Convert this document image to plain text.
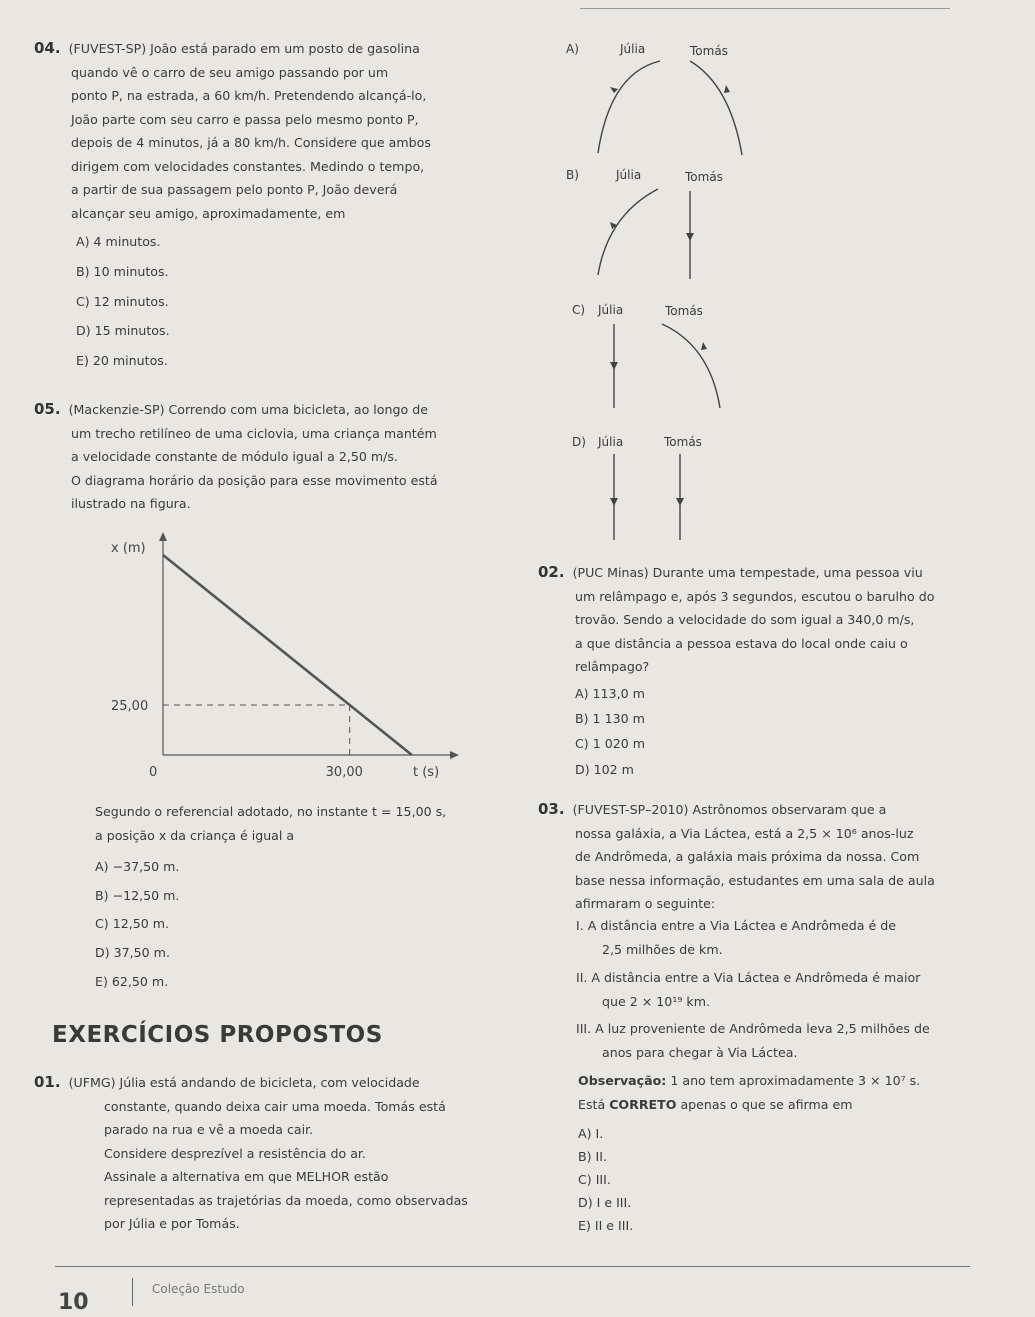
04. (FUVEST-SP) João está parado em um posto de gasolina
quando vê o carro de seu amigo passando por um
ponto P, na estrada, a 60 km/h. Pretendendo alcançá-lo,
João parte com seu carro e passa pelo mesmo ponto P,
depois de 4 minutos, já a 80 km/h. Considere que ambos
dirigem com velocidades constantes. Medindo o tempo,
a partir de sua passagem pelo ponto P, João deverá
alcançar seu amigo, aproximadamente, em
A) 4 minutos.
B) 10 minutos.
C) 12 minutos.
D) 15 minutos.
E) 20 minutos.
05. (Mackenzie-SP) Correndo com uma bicicleta, ao longo de
um trecho retilíneo de uma ciclovia, uma criança mantém
a velocidade constante de módulo igual a 2,50 m/s.
O diagrama horário da posição para esse movimento está
ilustrado na figura.
x (m)
t (s)
0	30,00
25,00
Segundo o referencial adotado, no instante t = 15,00 s,
a posição x da criança é igual a
A) −37,50 m.
B) −12,50 m.
C) 12,50 m.
D) 37,50 m.
E) 62,50 m.
EXERCÍCIOS PROPOSTOS
01. (UFMG) Júlia está andando de bicicleta, com velocidade
constante, quando deixa cair uma moeda. Tomás está
parado na rua e vê a moeda cair.
Considere desprezível a resistência do ar.
Assinale a alternativa em que MELHOR estão
representadas as trajetórias da moeda, como observadas
por Júlia e por Tomás.
A)	Júlia	Tomás
B)	Júlia	Tomás
C) Júlia	Tomás
D) Júlia	Tomás
02. (PUC Minas) Durante uma tempestade, uma pessoa viu
um relâmpago e, após 3 segundos, escutou o barulho do
trovão. Sendo a velocidade do som igual a 340,0 m/s,
a que distância a pessoa estava do local onde caiu o
relâmpago?
A) 113,0 m
B) 1 130 m
C) 1 020 m
D) 102 m
03. (FUVEST-SP–2010) Astrônomos observaram que a
nossa galáxia, a Via Láctea, está a 2,5 × 10⁶ anos-luz
de Andrômeda, a galáxia mais próxima da nossa. Com
base nessa informação, estudantes em uma sala de aula
afirmaram o seguinte:
I. A distância entre a Via Láctea e Andrômeda é de
2,5 milhões de km.
II. A distância entre a Via Láctea e Andrômeda é maior
que 2 × 10¹⁹ km.
III. A luz proveniente de Andrômeda leva 2,5 milhões de
anos para chegar à Via Láctea.
Observação: 1 ano tem aproximadamente 3 × 10⁷ s.
Está CORRETO apenas o que se afirma em
A) I.
B) II.
C) III.
D) I e III.
E) II e III.
10
Coleção Estudo
